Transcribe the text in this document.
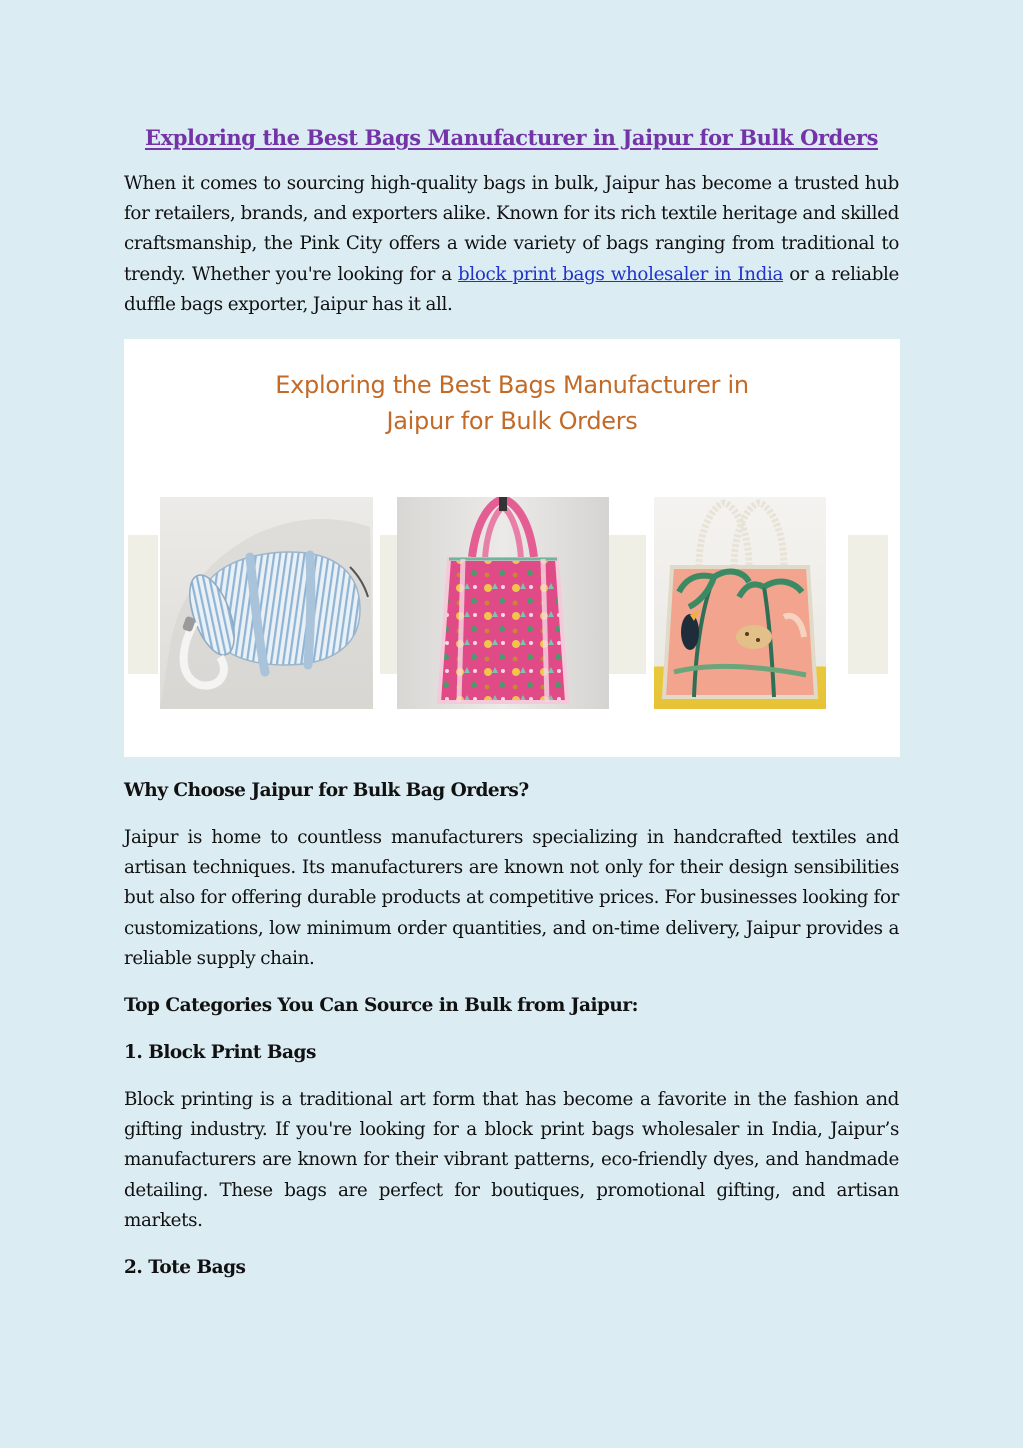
Exploring the Best Bags Manufacturer in Jaipur for Bulk Orders

When it comes to sourcing high-quality bags in bulk, Jaipur has become a trusted hub for retailers, brands, and exporters alike. Known for its rich textile heritage and skilled craftsmanship, the Pink City offers a wide variety of bags ranging from traditional to trendy. Whether you're looking for a block print bags wholesaler in India or a reliable duffle bags exporter, Jaipur has it all.

Exploring the Best Bags Manufacturer in
Jaipur for Bulk Orders
Why Choose Jaipur for Bulk Bag Orders?

Jaipur is home to countless manufacturers specializing in handcrafted textiles and artisan techniques. Its manufacturers are known not only for their design sensibilities but also for offering durable products at competitive prices. For businesses looking for customizations, low minimum order quantities, and on-time delivery, Jaipur provides a reliable supply chain.

Top Categories You Can Source in Bulk from Jaipur:
1. Block Print Bags

Block printing is a traditional art form that has become a favorite in the fashion and gifting industry. If you're looking for a block print bags wholesaler in India, Jaipur’s manufacturers are known for their vibrant patterns, eco-friendly dyes, and handmade detailing. These bags are perfect for boutiques, promotional gifting, and artisan markets.

2. Tote Bags
